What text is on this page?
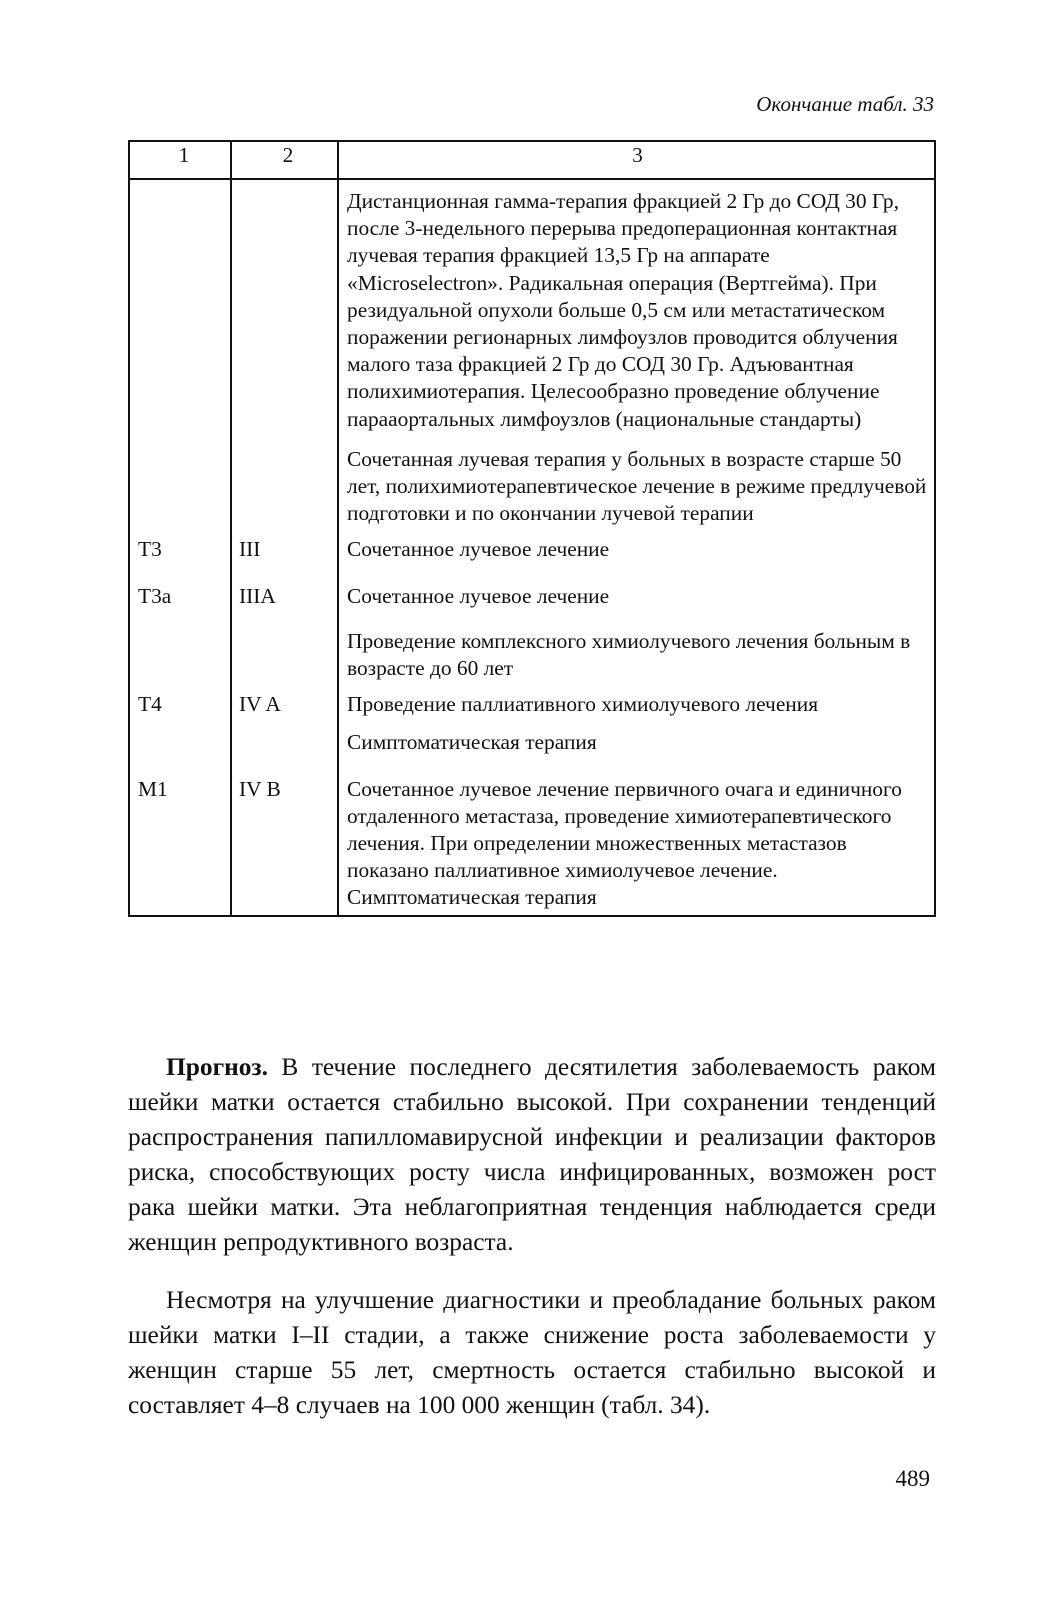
Окончание табл. 33
1	2	3
		Дистанционная гамма-терапия фракцией 2 Гр до СОД 30 Гр, после 3-недельного перерыва предоперационная контактная лучевая терапия фракцией 13,5 Гр на аппарате «Microselectron». Радикальная операция (Вертгейма). При резидуальной опухоли больше 0,5 см или метастатическом поражении регионарных лимфоузлов проводится облучения малого таза фракцией 2 Гр до СОД 30 Гр. Адъювантная полихимиотерапия. Целесообразно проведение облучение парааортальных лимфоузлов (национальные стандарты)
		Сочетанная лучевая терапия у больных в возрасте старше 50 лет, полихимиотерапевтическое лечение в режиме предлучевой подготовки и по окончании лучевой терапии
T3	III	Сочетанное лучевое лечение
T3a	IIIA	Сочетанное лучевое лечение
		Проведение комплексного химиолучевого лечения больным в возрасте до 60 лет
T4	IV A	Проведение паллиативного химиолучевого лечения
		Симптоматическая терапия
M1	IV B	Сочетанное лучевое лечение первичного очага и единичного отдаленного метастаза, проведение химиотерапевтического лечения. При определении множественных метастазов показано паллиативное химиолучевое лечение. Симптоматическая терапия
Прогноз. В течение последнего десятилетия заболеваемость раком шейки матки остается стабильно высокой. При сохранении тенденций распространения папилломавирусной инфекции и реализации факторов риска, способствующих росту числа инфицированных, возможен рост рака шейки матки. Эта неблагоприятная тенденция наблюдается среди женщин репродуктивного возраста.
Несмотря на улучшение диагностики и преобладание больных раком шейки матки I–II стадии, а также снижение роста заболеваемости у женщин старше 55 лет, смертность остается стабильно высокой и составляет 4–8 случаев на 100 000 женщин (табл. 34).
489
